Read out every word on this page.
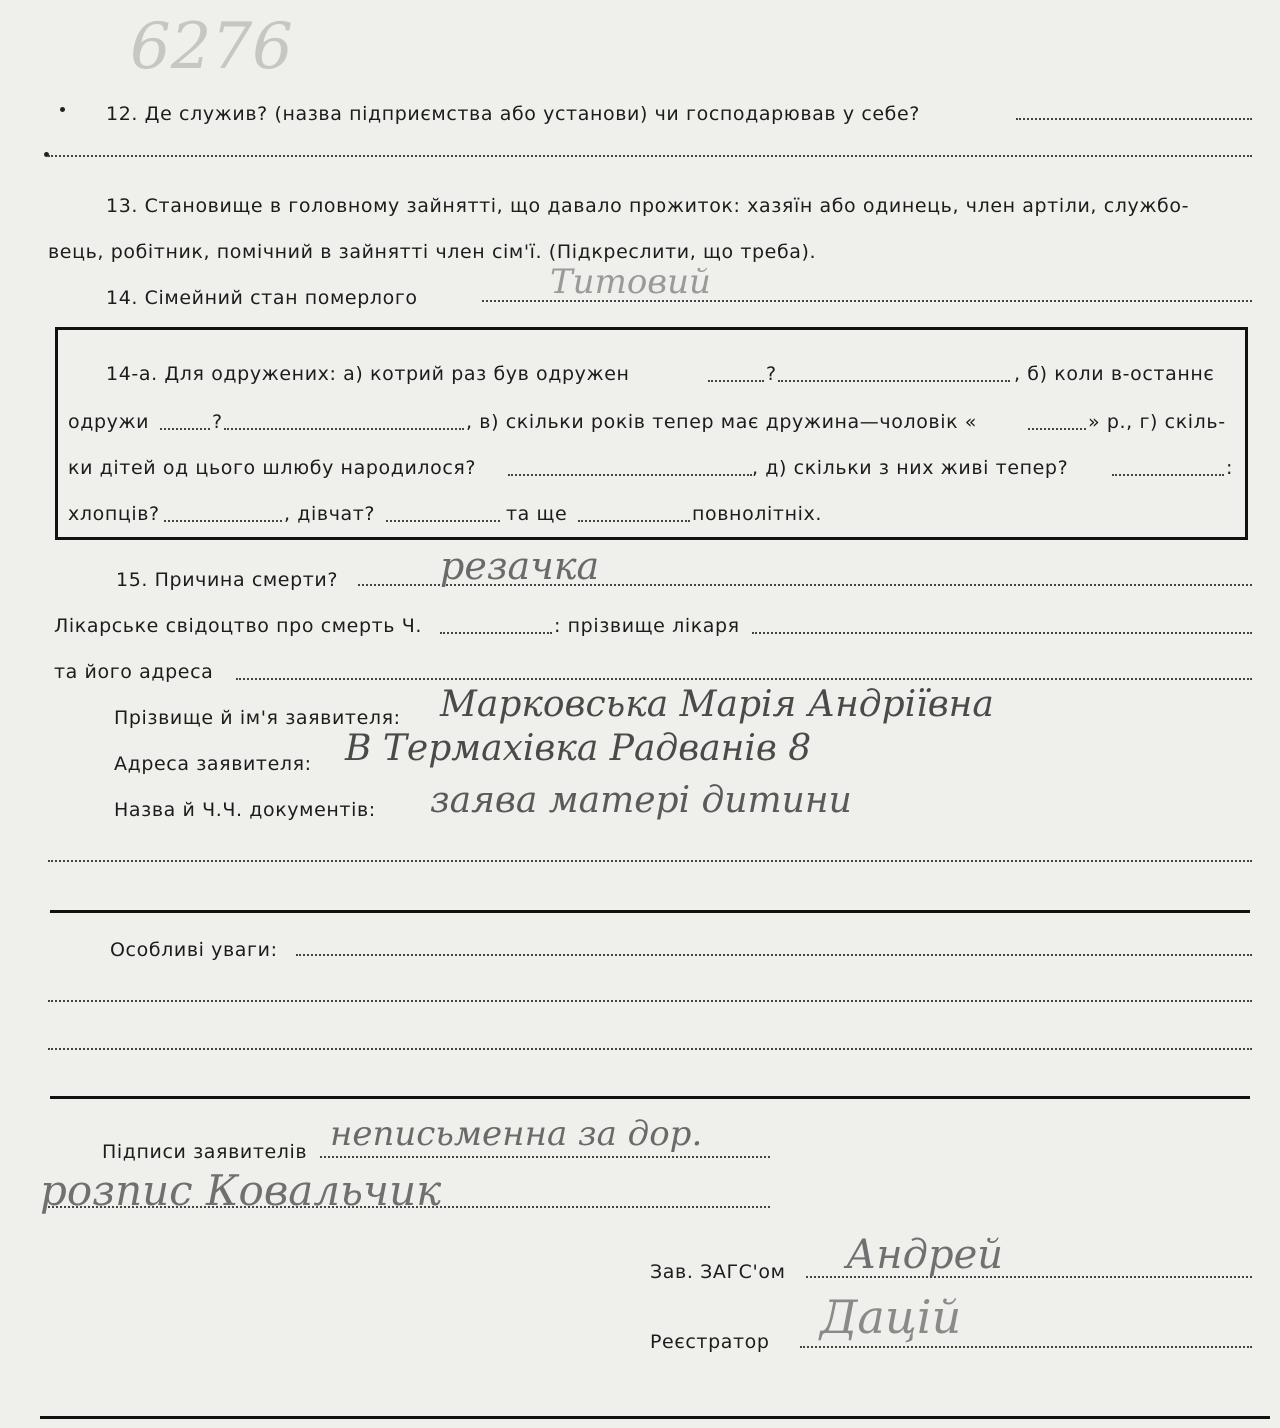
6276
12. Де служив? (назва підприємства або установи) чи господарював у себе?
13. Становище в головному зайнятті, що давало прожиток: хазяїн або одинець, член артіли, службо-
вець, робітник, помічний в зайнятті член сім'ї. (Підкреслити, що треба).
14. Сімейний стан померлого	Титовий
14-а. Для одружених: а) котрий раз був одружен	?	, б) коли в-останнє
одружи	?	, в) скільки років тепер має дружина—чоловік «	» р., г) скіль-
ки дітей од цього шлюбу народилося?	, д) скільки з них живі тепер?	:
хлопців?	, дівчат?	та ще	повнолітніх.
15. Причина смерти?	резачка
Лікарське свідоцтво про смерть Ч.	: прізвище лікаря
та його адреса
Прізвище й ім'я заявителя: Марковська Марія Андріївна
Адреса заявителя: В Термахівка Радванів 8
Назва й Ч.Ч. документів: заява матері дитини
Особливі уваги:
Підписи заявителів неписьменна за дор.
розпис Ковальчик
Зав. ЗАГС'ом Андрей
Реєстратор Дацій
